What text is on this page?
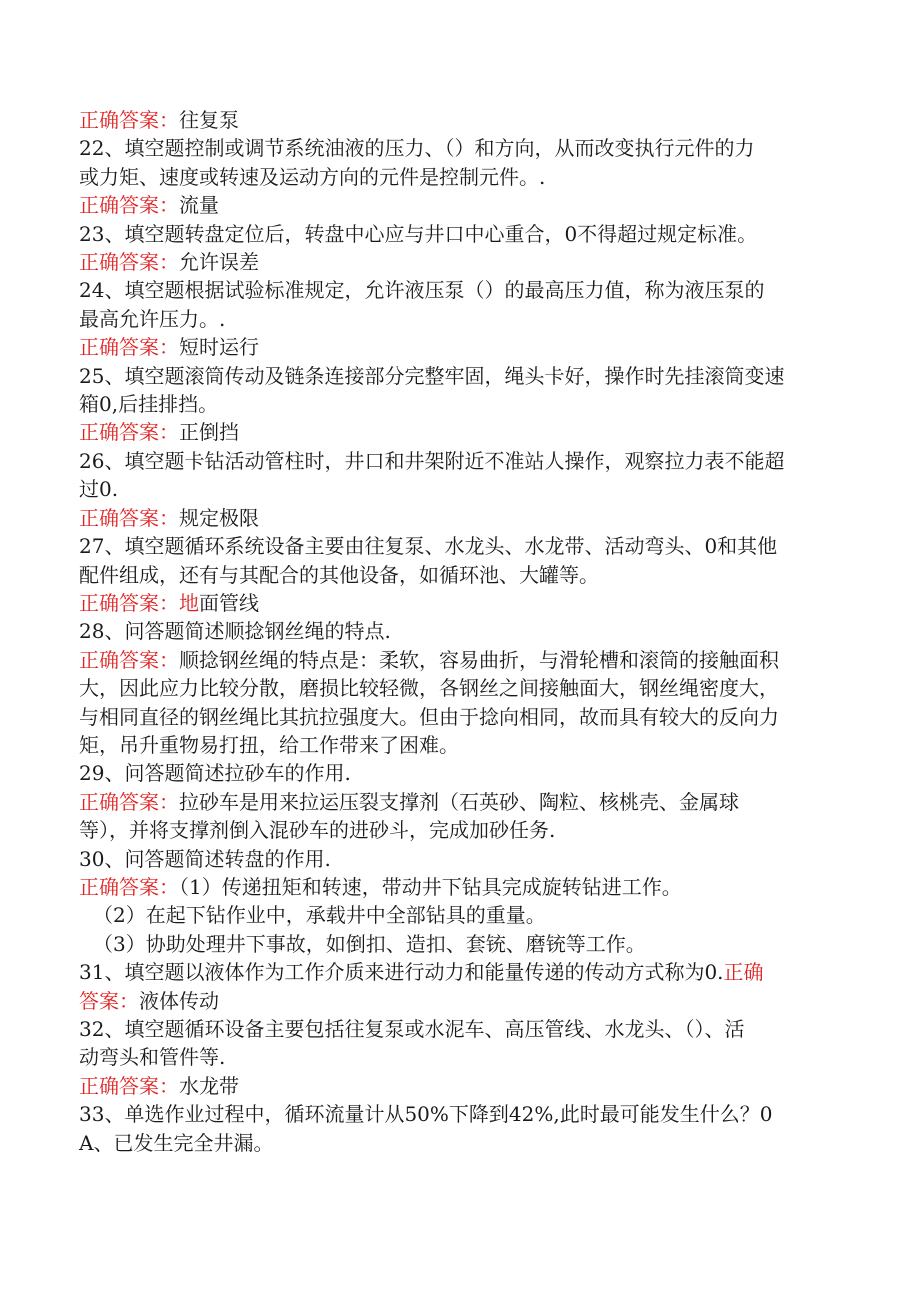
正确答案：往复泵
22、填空题控制或调节系统油液的压力、（）和方向，从而改变执行元件的力
或力矩、速度或转速及运动方向的元件是控制元件。.
正确答案：流量
23、填空题转盘定位后，转盘中心应与井口中心重合，0不得超过规定标准。
正确答案：允许误差
24、填空题根据试验标准规定，允许液压泵（）的最高压力值，称为液压泵的
最高允许压力。.
正确答案：短时运行
25、填空题滚筒传动及链条连接部分完整牢固，绳头卡好，操作时先挂滚筒变速
箱0,后挂排挡。
正确答案：正倒挡
26、填空题卡钻活动管柱时，井口和井架附近不准站人操作，观察拉力表不能超
过0.
正确答案：规定极限
27、填空题循环系统设备主要由往复泵、水龙头、水龙带、活动弯头、0和其他
配件组成，还有与其配合的其他设备，如循环池、大罐等。
正确答案：地面管线
28、问答题简述顺捻钢丝绳的特点.
正确答案：顺捻钢丝绳的特点是：柔软，容易曲折，与滑轮槽和滚筒的接触面积
大，因此应力比较分散，磨损比较轻微，各钢丝之间接触面大，钢丝绳密度大，
与相同直径的钢丝绳比其抗拉强度大。但由于捻向相同，故而具有较大的反向力
矩，吊升重物易打扭，给工作带来了困难。
29、问答题简述拉砂车的作用.
正确答案：拉砂车是用来拉运压裂支撑剂（石英砂、陶粒、核桃壳、金属球
等），并将支撑剂倒入混砂车的进砂斗，完成加砂任务.
30、问答题简述转盘的作用.
正确答案：（1）传递扭矩和转速，带动井下钻具完成旋转钻进工作。
（2）在起下钻作业中，承载井中全部钻具的重量。
（3）协助处理井下事故，如倒扣、造扣、套铳、磨铳等工作。
31、填空题以液体作为工作介质来进行动力和能量传递的传动方式称为0.正确
答案：液体传动
32、填空题循环设备主要包括往复泵或水泥车、高压管线、水龙头、（）、活
动弯头和管件等.
正确答案：水龙带
33、单选作业过程中，循环流量计从50%下降到42%,此时最可能发生什么？0
A、已发生完全井漏。
